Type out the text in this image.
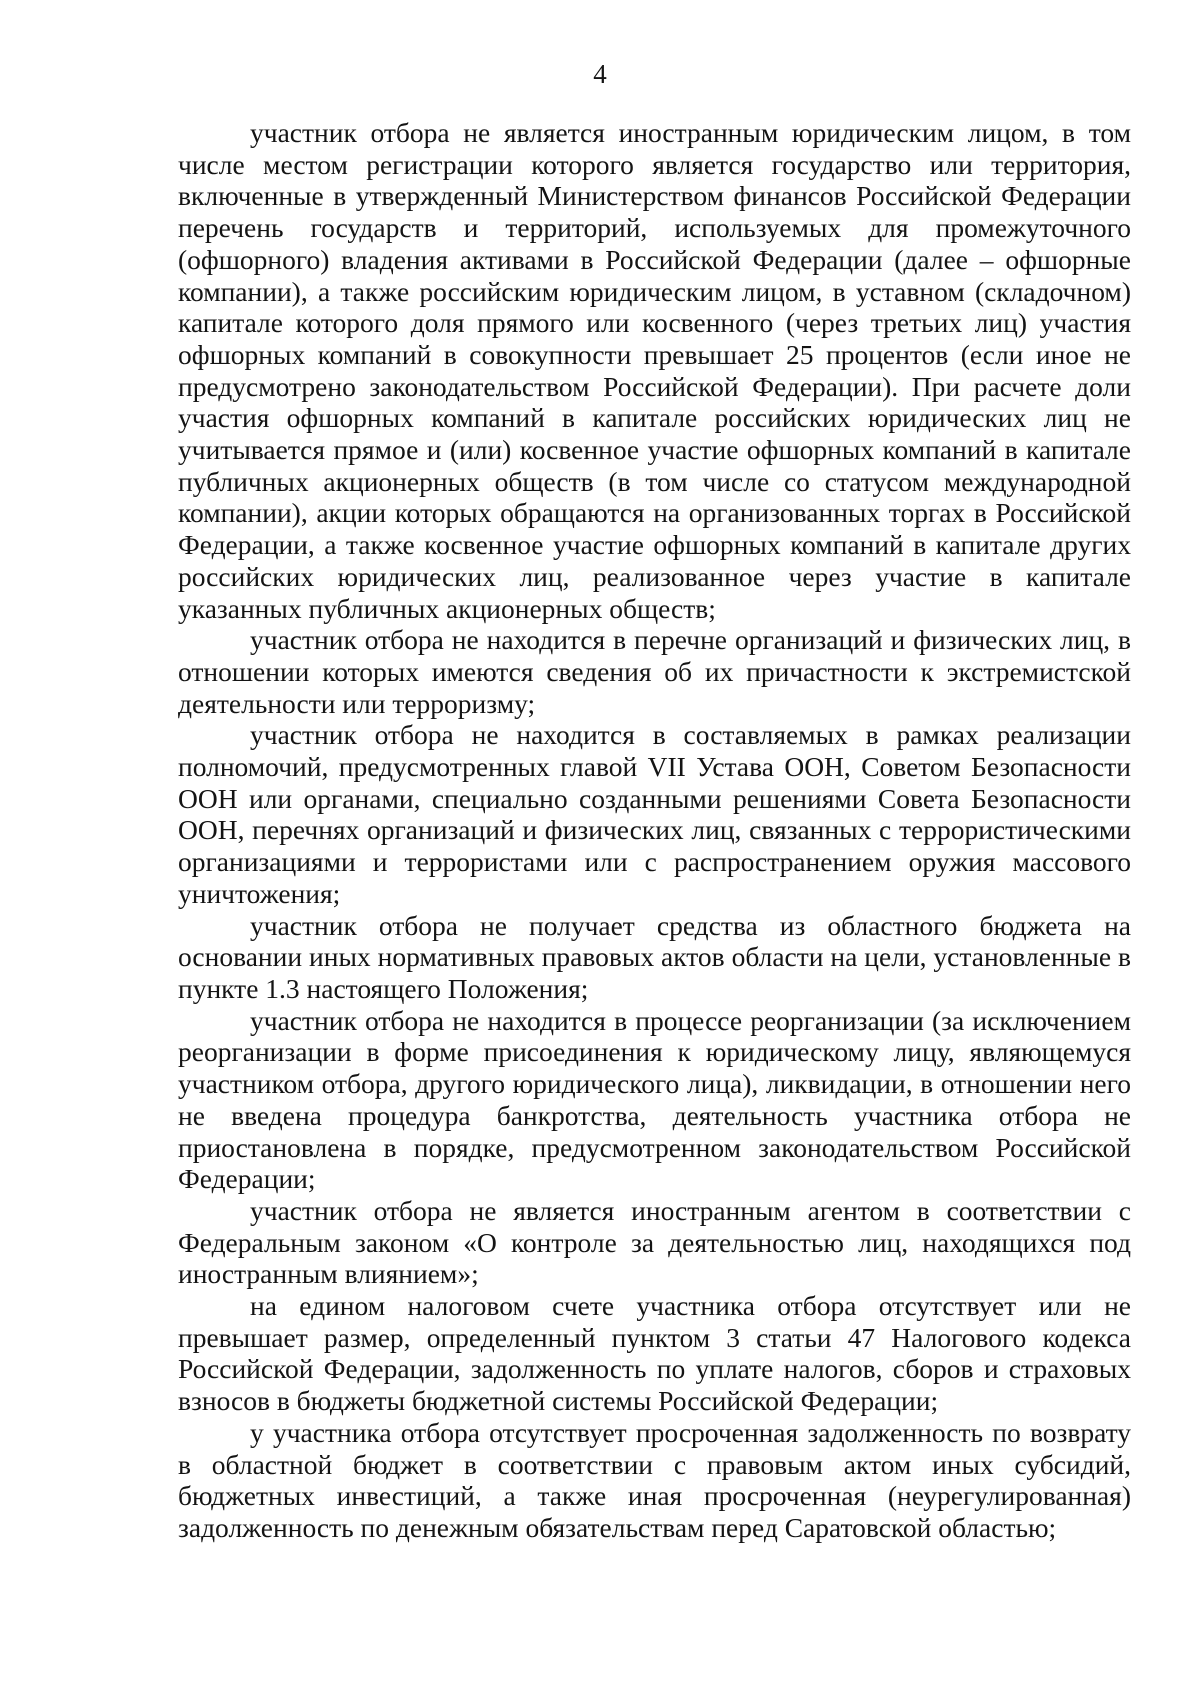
4

участник отбора не является иностранным юридическим лицом, в том числе местом регистрации которого является государство или территория, включенные в утвержденный Министерством финансов Российской Федерации перечень государств и территорий, используемых для промежуточного (офшорного) владения активами в Российской Федерации (далее – офшорные компании), а также российским юридическим лицом, в уставном (складочном) капитале которого доля прямого или косвенного (через третьих лиц) участия офшорных компаний в совокупности превышает 25 процентов (если иное не предусмотрено законодательством Российской Федерации). При расчете доли участия офшорных компаний в капитале российских юридических лиц не учитывается прямое и (или) косвенное участие офшорных компаний в капитале публичных акционерных обществ (в том числе со статусом международной компании), акции которых обращаются на организованных торгах в Российской Федерации, а также косвенное участие офшорных компаний в капитале других российских юридических лиц, реализованное через участие в капитале указанных публичных акционерных обществ;

участник отбора не находится в перечне организаций и физических лиц, в отношении которых имеются сведения об их причастности к экстремистской деятельности или терроризму;

участник отбора не находится в составляемых в рамках реализации полномочий, предусмотренных главой VII Устава ООН, Советом Безопасности ООН или органами, специально созданными решениями Совета Безопасности ООН, перечнях организаций и физических лиц, связанных с террористическими организациями и террористами или с распространением оружия массового уничтожения;

участник отбора не получает средства из областного бюджета на основании иных нормативных правовых актов области на цели, установленные в пункте 1.3 настоящего Положения;

участник отбора не находится в процессе реорганизации (за исключением реорганизации в форме присоединения к юридическому лицу, являющемуся участником отбора, другого юридического лица), ликвидации, в отношении него не введена процедура банкротства, деятельность участника отбора не приостановлена в порядке, предусмотренном законодательством Российской Федерации;

участник отбора не является иностранным агентом в соответствии с Федеральным законом «О контроле за деятельностью лиц, находящихся под иностранным влиянием»;

на едином налоговом счете участника отбора отсутствует или не превышает размер, определенный пунктом 3 статьи 47 Налогового кодекса Российской Федерации, задолженность по уплате налогов, сборов и страховых взносов в бюджеты бюджетной системы Российской Федерации;

у участника отбора отсутствует просроченная задолженность по возврату в областной бюджет в соответствии с правовым актом иных субсидий, бюджетных инвестиций, а также иная просроченная (неурегулированная) задолженность по денежным обязательствам перед Саратовской областью;
